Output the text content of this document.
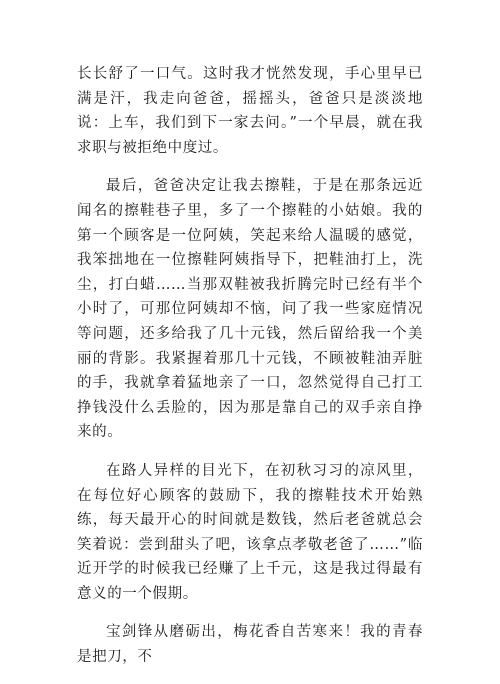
长长舒了一口气。这时我才恍然发现，手心里早已满是汗，我走向爸爸，摇摇头，爸爸只是淡淡地说：上车，我们到下一家去问。”一个早晨，就在我求职与被拒绝中度过。

最后，爸爸决定让我去擦鞋，于是在那条远近闻名的擦鞋巷子里，多了一个擦鞋的小姑娘。我的第一个顾客是一位阿姨，笑起来给人温暖的感觉，我笨拙地在一位擦鞋阿姨指导下，把鞋油打上，洗尘，打白蜡……当那双鞋被我折腾完时已经有半个小时了，可那位阿姨却不恼，问了我一些家庭情况等问题，还多给我了几十元钱，然后留给我一个美丽的背影。我紧握着那几十元钱，不顾被鞋油弄脏的手，我就拿着猛地亲了一口，忽然觉得自己打工挣钱没什么丢脸的，因为那是靠自己的双手亲自挣来的。

在路人异样的目光下，在初秋习习的凉风里，在每位好心顾客的鼓励下，我的擦鞋技术开始熟练，每天最开心的时间就是数钱，然后老爸就总会笑着说：尝到甜头了吧，该拿点孝敬老爸了……”临近开学的时候我已经赚了上千元，这是我过得最有意义的一个假期。

宝剑锋从磨砺出，梅花香自苦寒来！我的青春是把刀，不
